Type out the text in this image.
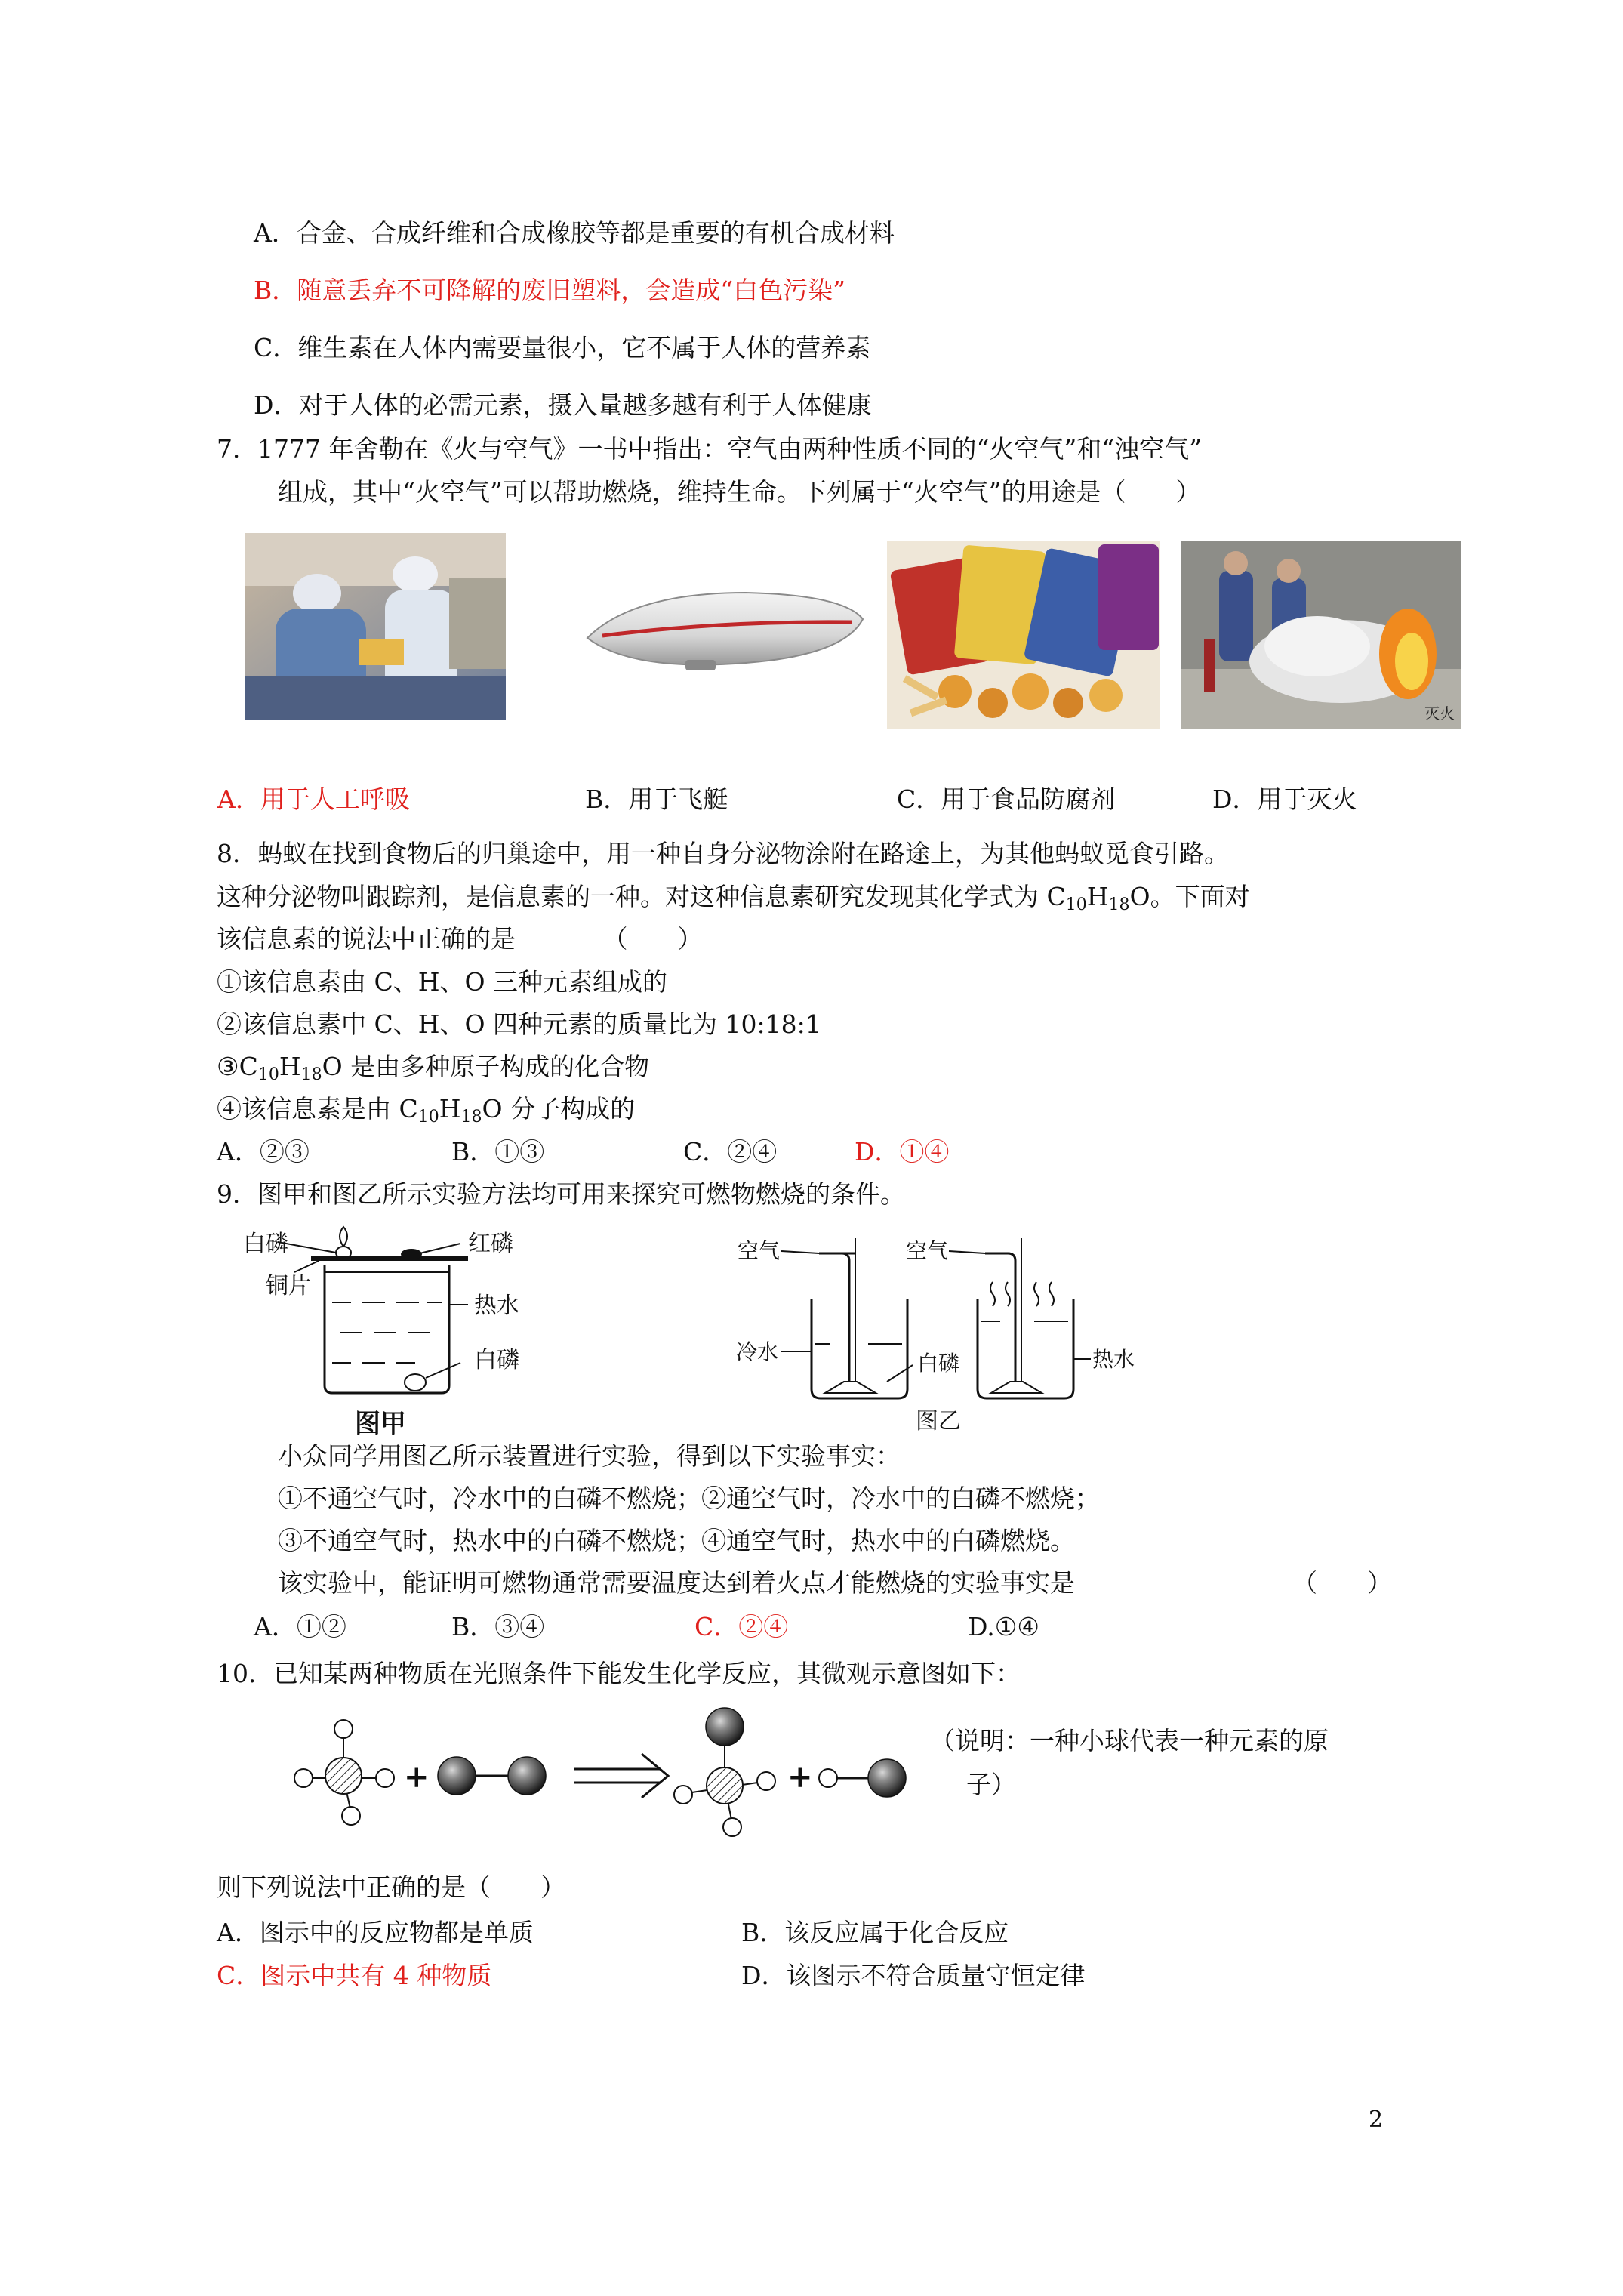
A．合金、合成纤维和合成橡胶等都是重要的有机合成材料
B．随意丢弃不可降解的废旧塑料，会造成“白色污染”
C．维生素在人体内需要量很小，它不属于人体的营养素
D．对于人体的必需元素，摄入量越多越有利于人体健康
7．1777 年舍勒在《火与空气》一书中指出：空气由两种性质不同的“火空气”和“浊空气”
组成，其中“火空气”可以帮助燃烧，维持生命。下列属于“火空气”的用途是（　　）
灭火
A．用于人工呼吸	B．用于飞艇	C．用于食品防腐剂	D．用于灭火
8．蚂蚁在找到食物后的归巢途中，用一种自身分泌物涂附在路途上，为其他蚂蚁觅食引路。
这种分泌物叫跟踪剂，是信息素的一种。对这种信息素研究发现其化学式为 $C_{10}H_{18}O$。下面对
该信息素的说法中正确的是　　　　（　　）
①该信息素由 C、H、O 三种元素组成的
②该信息素中 C、H、O 四种元素的质量比为 10:18:1
$③C_{10}H_{18}O$ 是由多种原子构成的化合物
④该信息素是由 $C_{10}H_{18}O$ 分子构成的
A．②③	B．①③	C．②④	D．①④
9．图甲和图乙所示实验方法均可用来探究可燃物燃烧的条件。
白磷
铜片
红磷
热水
白磷
图甲
空气	空气
冷水	白磷	热水
图乙
小众同学用图乙所示装置进行实验，得到以下实验事实：
①不通空气时，冷水中的白磷不燃烧；②通空气时，冷水中的白磷不燃烧；
③不通空气时，热水中的白磷不燃烧；④通空气时，热水中的白磷燃烧。
该实验中，能证明可燃物通常需要温度达到着火点才能燃烧的实验事实是	（　　）
A．①②	B．③④	C．②④	D.①④
10．已知某两种物质在光照条件下能发生化学反应，其微观示意图如下：
+	+
（说明：一种小球代表一种元素的原
子）
则下列说法中正确的是（　　）
A．图示中的反应物都是单质	B．该反应属于化合反应
C．图示中共有 4 种物质	D．该图示不符合质量守恒定律
2
